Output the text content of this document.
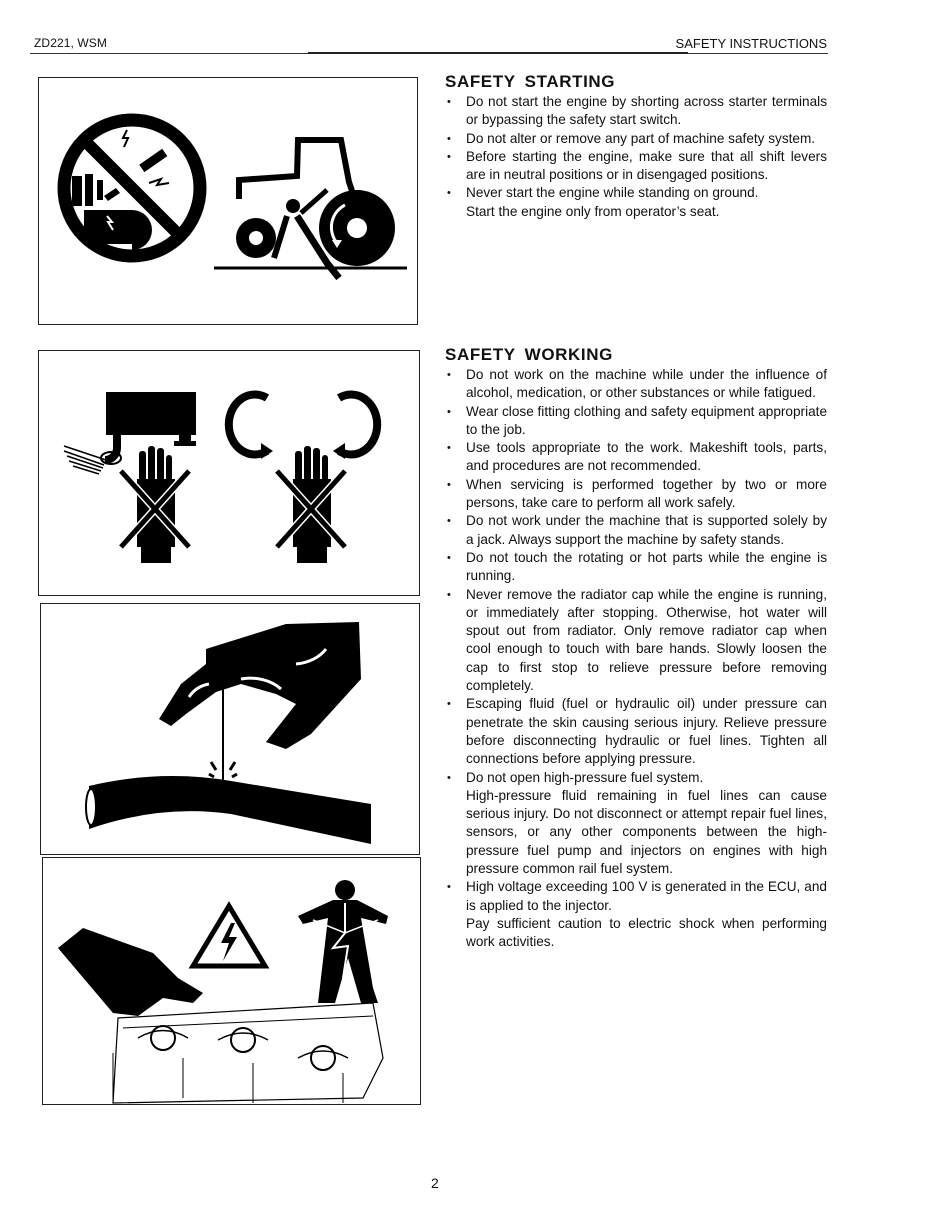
ZD221, WSM	SAFETY INSTRUCTIONS
SAFETY STARTING
• Do not start the engine by shorting across starter terminals or bypassing the safety start switch.
• Do not alter or remove any part of machine safety system.
• Before starting the engine, make sure that all shift levers are in neutral positions or in disengaged positions.
• Never start the engine while standing on ground.
Start the engine only from operator’s seat.
SAFETY WORKING
• Do not work on the machine while under the influence of alcohol, medication, or other substances or while fatigued.
• Wear close fitting clothing and safety equipment appropriate to the job.
• Use tools appropriate to the work. Makeshift tools, parts, and procedures are not recommended.
• When servicing is performed together by two or more persons, take care to perform all work safely.
• Do not work under the machine that is supported solely by a jack. Always support the machine by safety stands.
• Do not touch the rotating or hot parts while the engine is running.
• Never remove the radiator cap while the engine is running, or immediately after stopping. Otherwise, hot water will spout out from radiator. Only remove radiator cap when cool enough to touch with bare hands. Slowly loosen the cap to first stop to relieve pressure before removing completely.
• Escaping fluid (fuel or hydraulic oil) under pressure can penetrate the skin causing serious injury. Relieve pressure before disconnecting hydraulic or fuel lines. Tighten all connections before applying pressure.
• Do not open high-pressure fuel system.
High-pressure fluid remaining in fuel lines can cause serious injury. Do not disconnect or attempt repair fuel lines, sensors, or any other components between the high-pressure fuel pump and injectors on engines with high pressure common rail fuel system.
• High voltage exceeding 100 V is generated in the ECU, and is applied to the injector.
Pay sufficient caution to electric shock when performing work activities.
2
